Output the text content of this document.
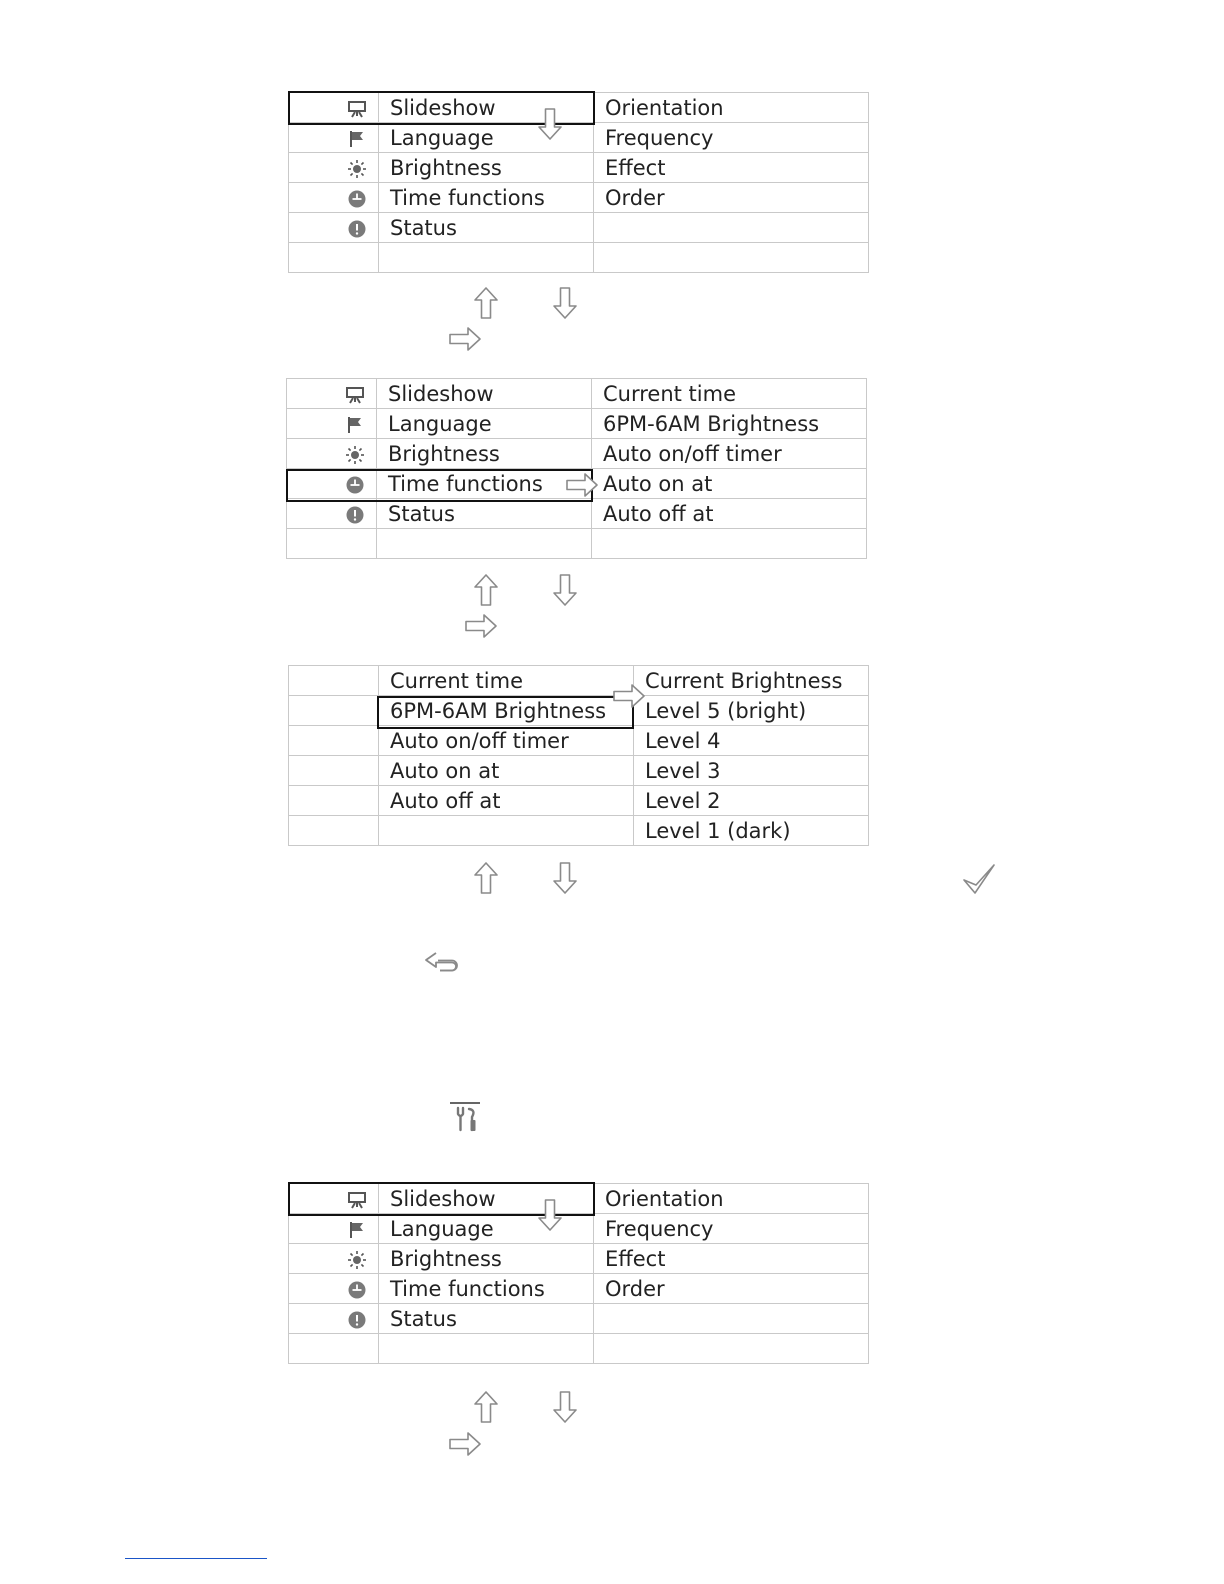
	Slideshow	Orientation
	Language	Frequency
	Brightness	Effect
	Time functions	Order
	Status	

	Slideshow	Current time
	Language	6PM-6AM Brightness
	Brightness	Auto on/off timer
	Time functions	Auto on at
	Status	Auto off at

	Current time	Current Brightness
	6PM-6AM Brightness	Level 5 (bright)
	Auto on/off timer	Level 4
	Auto on at	Level 3
	Auto off at	Level 2
		Level 1 (dark)
	Slideshow	Orientation
	Language	Frequency
	Brightness	Effect
	Time functions	Order
	Status	
